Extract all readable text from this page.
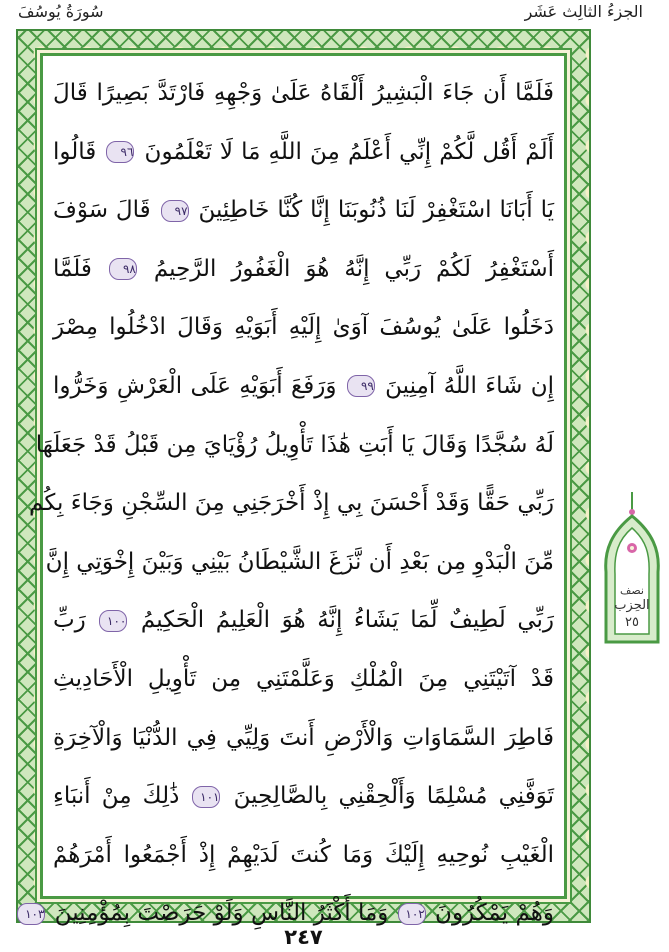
الجزءُ الثالِث عَشَر
سُورَةُ يُوسُفَ
فَلَمَّا أَن جَاءَ الْبَشِيرُ أَلْقَاهُ عَلَىٰ وَجْهِهِ فَارْتَدَّ بَصِيرًا قَالَ
أَلَمْ أَقُل لَّكُمْ إِنِّي أَعْلَمُ مِنَ اللَّهِ مَا لَا تَعْلَمُونَ ٩٦ قَالُوا
يَا أَبَانَا اسْتَغْفِرْ لَنَا ذُنُوبَنَا إِنَّا كُنَّا خَاطِئِينَ ٩٧ قَالَ سَوْفَ
أَسْتَغْفِرُ لَكُمْ رَبِّي إِنَّهُ هُوَ الْغَفُورُ الرَّحِيمُ ٩٨ فَلَمَّا
دَخَلُوا عَلَىٰ يُوسُفَ آوَىٰ إِلَيْهِ أَبَوَيْهِ وَقَالَ ادْخُلُوا مِصْرَ
إِن شَاءَ اللَّهُ آمِنِينَ ٩٩ وَرَفَعَ أَبَوَيْهِ عَلَى الْعَرْشِ وَخَرُّوا
لَهُ سُجَّدًا وَقَالَ يَا أَبَتِ هَٰذَا تَأْوِيلُ رُؤْيَايَ مِن قَبْلُ قَدْ جَعَلَهَا
رَبِّي حَقًّا وَقَدْ أَحْسَنَ بِي إِذْ أَخْرَجَنِي مِنَ السِّجْنِ وَجَاءَ بِكُم
مِّنَ الْبَدْوِ مِن بَعْدِ أَن نَّزَغَ الشَّيْطَانُ بَيْنِي وَبَيْنَ إِخْوَتِي إِنَّ
رَبِّي لَطِيفٌ لِّمَا يَشَاءُ إِنَّهُ هُوَ الْعَلِيمُ الْحَكِيمُ ١٠٠ رَبِّ
قَدْ آتَيْتَنِي مِنَ الْمُلْكِ وَعَلَّمْتَنِي مِن تَأْوِيلِ الْأَحَادِيثِ
فَاطِرَ السَّمَاوَاتِ وَالْأَرْضِ أَنتَ وَلِيِّي فِي الدُّنْيَا وَالْآخِرَةِ
تَوَفَّنِي مُسْلِمًا وَأَلْحِقْنِي بِالصَّالِحِينَ ١٠١ ذَٰلِكَ مِنْ أَنبَاءِ
الْغَيْبِ نُوحِيهِ إِلَيْكَ وَمَا كُنتَ لَدَيْهِمْ إِذْ أَجْمَعُوا أَمْرَهُمْ
وَهُمْ يَمْكُرُونَ ١٠٢ وَمَا أَكْثَرُ النَّاسِ وَلَوْ حَرَصْتَ بِمُؤْمِنِينَ ١٠٣
نصف
الحِزب
٢٥
٢٤٧
